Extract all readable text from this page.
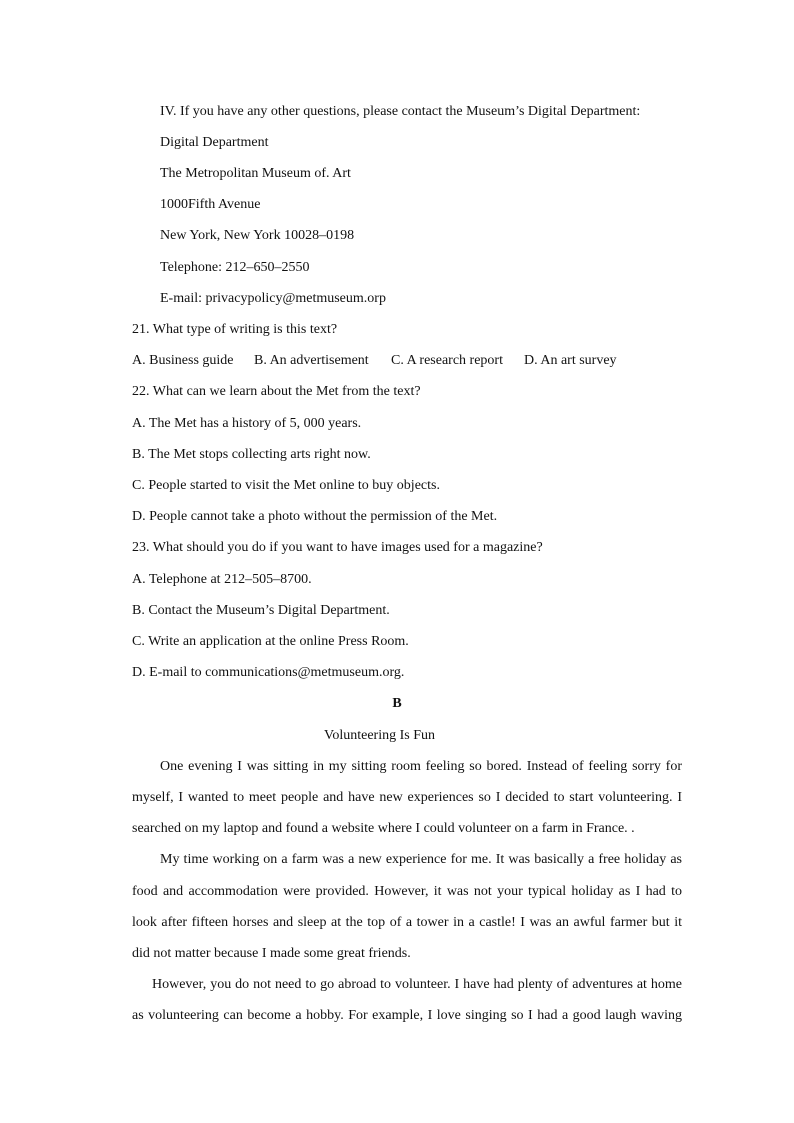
IV. If you have any other questions, please contact the Museum’s Digital Department:
Digital Department
The Metropolitan Museum of. Art
1000Fifth Avenue
New York, New York 10028–0198
Telephone: 212–650–2550
E-mail: privacypolicy@metmuseum.orp
21. What type of writing is this text?
A. Business guide B. An advertisement C. A research report D. An art survey
22. What can we learn about the Met from the text?
A. The Met has a history of 5, 000 years.
B. The Met stops collecting arts right now.
C. People started to visit the Met online to buy objects.
D. People cannot take a photo without the permission of the Met.
23. What should you do if you want to have images used for a magazine?
A. Telephone at 212–505–8700.
B. Contact the Museum’s Digital Department.
C. Write an application at the online Press Room.
D. E-mail to communications@metmuseum.org.
B
Volunteering Is Fun
One evening I was sitting in my sitting room feeling so bored. Instead of feeling sorry for
myself, I wanted to meet people and have new experiences so I decided to start volunteering. I
searched on my laptop and found a website where I could volunteer on a farm in France. .
My time working on a farm was a new experience for me. It was basically a free holiday as
food and accommodation were provided. However, it was not your typical holiday as I had to
look after fifteen horses and sleep at the top of a tower in a castle! I was an awful farmer but it
did not matter because I made some great friends.
However, you do not need to go abroad to volunteer. I have had plenty of adventures at home
as volunteering can become a hobby. For example, I love singing so I had a good laugh waving
